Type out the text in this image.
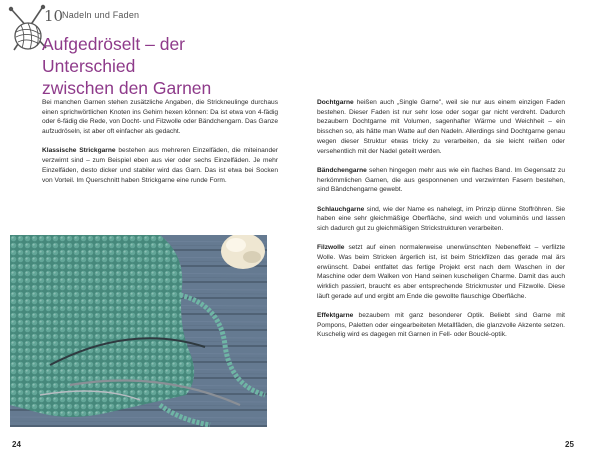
10
Nadeln und Faden
Aufgedröselt – der Unterschied
zwischen den Garnen

Bei manchen Garnen stehen zusätzliche Angaben, die Strickneulinge durchaus einen sprichwörtlichen Knoten ins Gehirn hexen können: Da ist etwa von 4-fädig oder 6-fädig die Rede, von Docht- und Filzwolle oder Bändchengarn. Das Ganze aufzudröseln, ist aber oft einfacher als gedacht.

Klassische Strickgarne bestehen aus mehreren Einzelfäden, die miteinander verzwirnt sind – zum Beispiel eben aus vier oder sechs Einzelfäden. Je mehr Einzelfäden, desto dicker und stabiler wird das Garn. Das ist etwa bei Socken von Vorteil. Im Querschnitt haben Strickgarne eine runde Form.

Dochtgarne heißen auch „Single Garne", weil sie nur aus einem einzigen Faden bestehen. Dieser Faden ist nur sehr lose oder sogar gar nicht verdreht. Dadurch bezaubern Dochtgarne mit Volumen, sagenhafter Wärme und Weichheit – ein bisschen so, als hätte man Watte auf den Nadeln. Allerdings sind Dochtgarne genau wegen dieser Struktur etwas tricky zu verarbeiten, da sie leicht reißen oder versehentlich mit der Nadel geteilt werden.

Bändchengarne sehen hingegen mehr aus wie ein flaches Band. Im Gegensatz zu herkömmlichen Garnen, die aus gesponnenen und verzwirnten Fasern bestehen, sind Bändchengarne gewebt.

Schlauchgarne sind, wie der Name es nahelegt, im Prinzip dünne Stoffröhren. Sie haben eine sehr gleichmäßige Oberfläche, sind weich und voluminös und lassen sich dadurch gut zu gleichmäßigen Strickstrukturen verarbeiten.

Filzwolle setzt auf einen normalerweise unerwünschten Nebeneffekt – verfilzte Wolle. Was beim Stricken ärgerlich ist, ist beim Strickfilzen das gerade mal ärs erwünscht. Dabei entfaltet das fertige Projekt erst nach dem Waschen in der Maschine oder dem Walken von Hand seinen kuscheligen Charme. Damit das auch wirklich passiert, braucht es aber entsprechende Strickmuster und Filzwolle. Diese läuft gerade auf und ergibt am Ende die gewollte flauschige Oberfläche.

Effektgarne bezaubern mit ganz besonderer Optik. Beliebt sind Garne mit Pompons, Paletten oder eingearbeiteten Metallfäden, die glanzvolle Akzente setzen. Kuschelig wird es dagegen mit Garnen in Fell- oder Bouclé-optik.

24	25
